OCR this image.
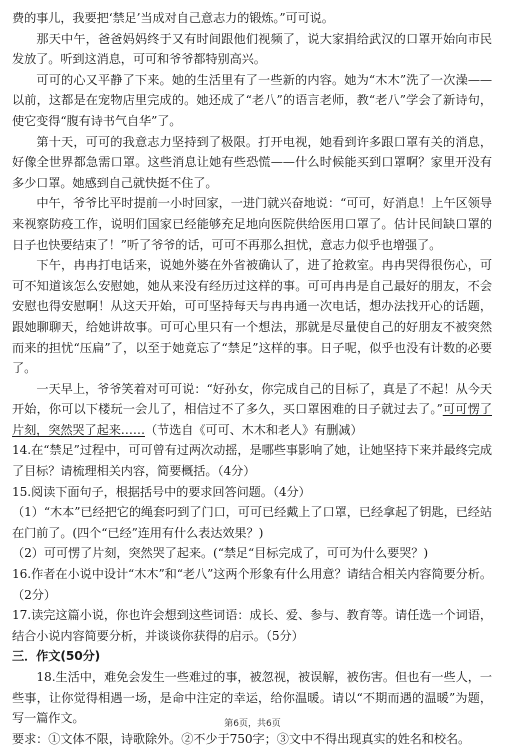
费的事儿，我要把‘禁足’当成对自己意志力的锻炼。”可可说。

那天中午，爸爸妈妈终于又有时间跟他们视频了，说大家捐给武汉的口罩开始向市民发放了。听到这消息，可可和爷爷都特别高兴。

可可的心又平静了下来。她的生活里有了一些新的内容。她为“木木”洗了一次澡——以前，这都是在宠物店里完成的。她还成了“老八”的语言老师，教“老八”学会了新诗句，使它变得“腹有诗书气自华”了。

第十天，可可的我意志力坚持到了极限。打开电视，她看到许多跟口罩有关的消息，好像全世界都急需口罩。这些消息让她有些恐慌——什么时候能买到口罩啊？家里开没有多少口罩。她感到自己就快挺不住了。

中午，爷爷比平时提前一小时回家，一进门就兴奋地说：“可可，好消息！上午区领导来视察防疫工作，说明们国家已经能够充足地向医院供给医用口罩了。估计民间缺口罩的日子也快要结束了！”听了爷爷的话，可可不再那么担忧，意志力似乎也增强了。

下午，冉冉打电话来，说她外婆在外省被确认了，进了抢救室。冉冉哭得很伤心，可可不知道该怎么安慰她，她从来没有经历过这样的事。可可冉冉是自己最好的朋友，不会安慰也得安慰啊！从这天开始，可可坚持每天与冉冉通一次电话，想办法找开心的话题，跟她聊聊天，给她讲故事。可可心里只有一个想法，那就是尽量使自己的好朋友不被突然而来的担忧“压扁”了，以至于她竟忘了“禁足”这样的事。日子呢，似乎也没有计数的必要了。

一天早上，爷爷笑着对可可说：“好孙女，你完成自己的目标了，真是了不起！从今天开始，你可以下楼玩一会儿了，相信过不了多久，买口罩困难的日子就过去了。”可可愣了片刻，突然哭了起来……（节选自《可可、木木和老人》有删减）

14.在“禁足”过程中，可可曾有过两次动摇，是哪些事影响了她，让她坚持下来并最终完成了目标？请梳理相关内容，简要概括。（4分）

15.阅读下面句子，根据括号中的要求回答问题。（4分）

（1）“木本”已经把它的绳套叼到了门口，可可已经戴上了口罩，已经拿起了钥匙，已经站在门前了。(四个“已经”连用有什么表达效果？)

（2）可可愣了片刻，突然哭了起来。(“禁足“目标完成了，可可为什么要哭？)

16.作者在小说中设计“木木”和“老八”这两个形象有什么用意？请结合相关内容简要分析。（2分）

17.读完这篇小说，你也许会想到这些词语：成长、爱、参与、教育等。请任选一个词语，结合小说内容简要分析，并谈谈你获得的启示。（5分）

三．作文(50分)

18.生活中，难免会发生一些难过的事，被忽视，被误解，被伤害。但也有一些人，一些事，让你觉得相遇一场，是命中注定的幸运，给你温暖。请以“不期而遇的温暖”为题，写一篇作文。

要求：①文体不限，诗歌除外。②不少于750字；③文中不得出现真实的姓名和校名。

第6页，共6页
